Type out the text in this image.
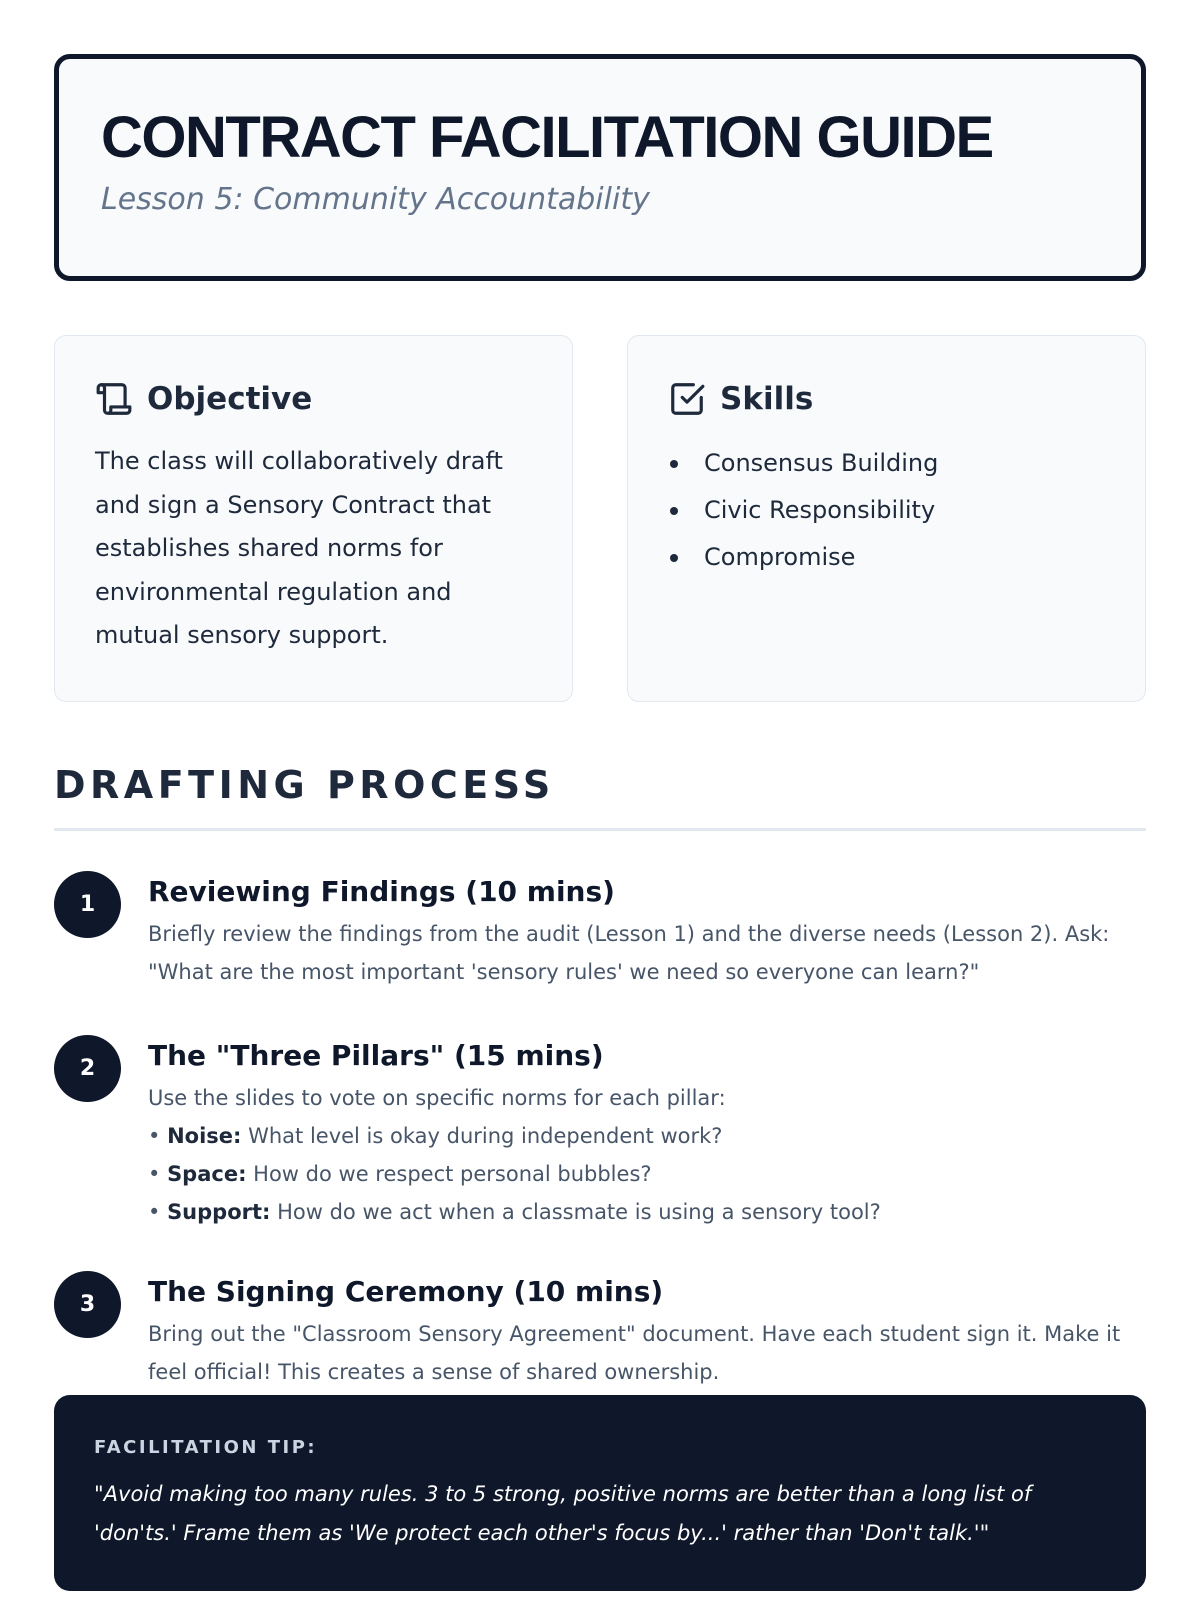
CONTRACT FACILITATION GUIDE
Lesson 5: Community Accountability
Objective

The class will collaboratively draft and sign a Sensory Contract that establishes shared norms for environmental regulation and mutual sensory support.

Skills
Consensus Building
Civic Responsibility
Compromise
DRAFTING PROCESS
1	Reviewing Findings (10 mins)

Briefly review the findings from the audit (Lesson 1) and the diverse needs (Lesson 2). Ask: "What are the most important 'sensory rules' we need so everyone can learn?"

2	The "Three Pillars" (15 mins)
Use the slides to vote on specific norms for each pillar:
• Noise: What level is okay during independent work?
• Space: How do we respect personal bubbles?
• Support: How do we act when a classmate is using a sensory tool?
3	The Signing Ceremony (10 mins)

Bring out the "Classroom Sensory Agreement" document. Have each student sign it. Make it feel official! This creates a sense of shared ownership.

FACILITATION TIP:

"Avoid making too many rules. 3 to 5 strong, positive norms are better than a long list of 'don'ts.' Frame them as 'We protect each other's focus by...' rather than 'Don't talk.'"
